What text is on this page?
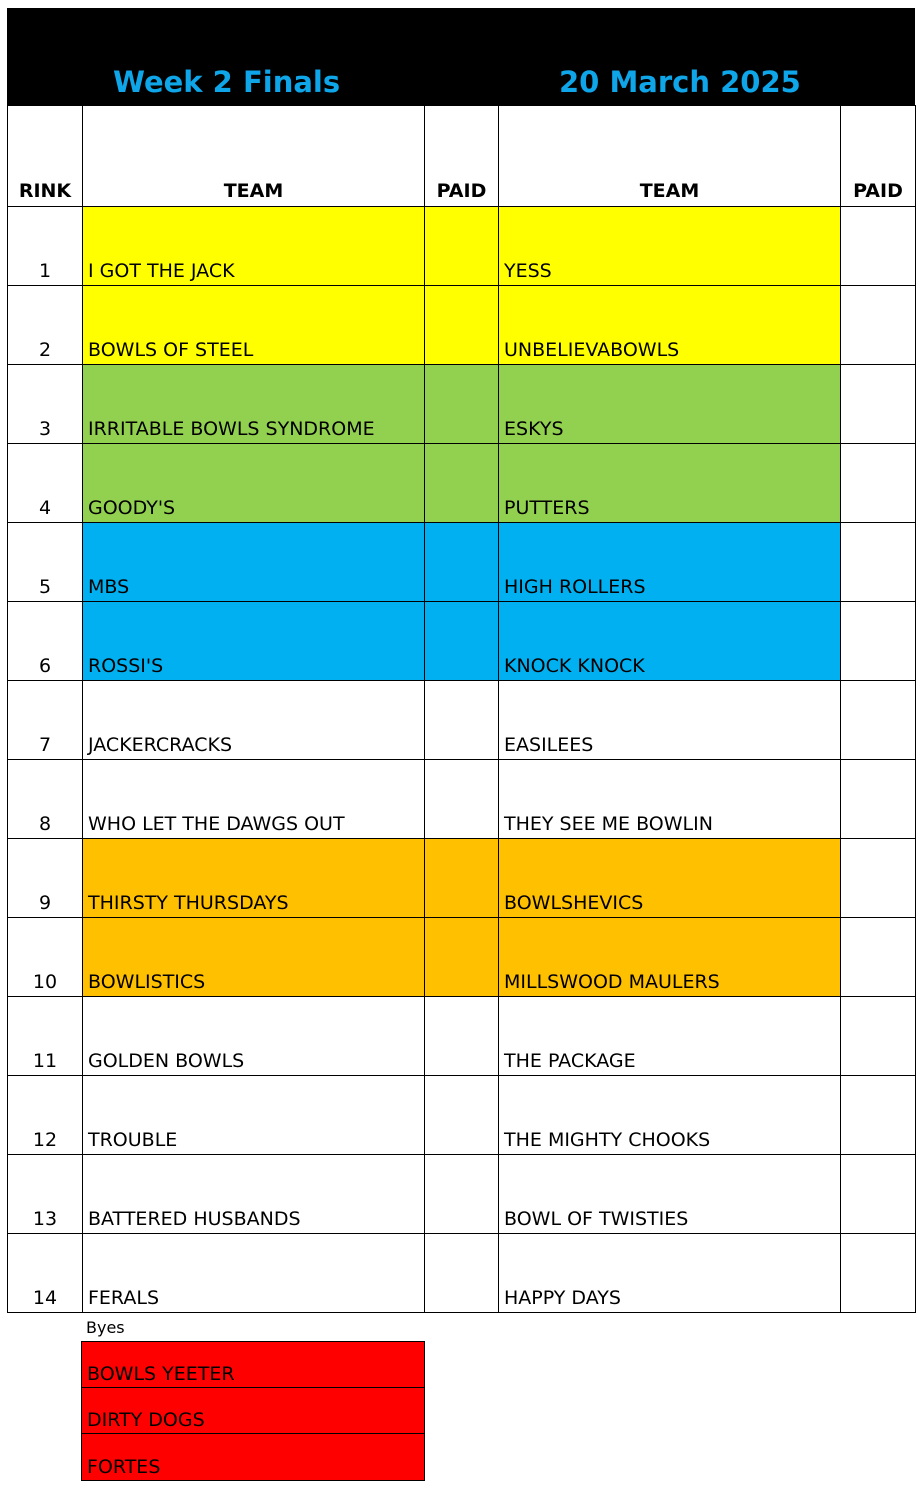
Week 2 Finals	20 March 2025
RINK	TEAM	PAID	TEAM	PAID
1	I GOT THE JACK		YESS	
2	BOWLS OF STEEL		UNBELIEVABOWLS	
3	IRRITABLE BOWLS SYNDROME		ESKYS	
4	GOODY'S		PUTTERS	
5	MBS		HIGH ROLLERS	
6	ROSSI'S		KNOCK KNOCK	
7	JACKERCRACKS		EASILEES	
8	WHO LET THE DAWGS OUT		THEY SEE ME BOWLIN	
9	THIRSTY THURSDAYS		BOWLSHEVICS	
10	BOWLISTICS		MILLSWOOD MAULERS	
11	GOLDEN BOWLS		THE PACKAGE	
12	TROUBLE		THE MIGHTY CHOOKS	
13	BATTERED HUSBANDS		BOWL OF TWISTIES	
14	FERALS		HAPPY DAYS	
Byes
BOWLS YEETER
DIRTY DOGS
FORTES
